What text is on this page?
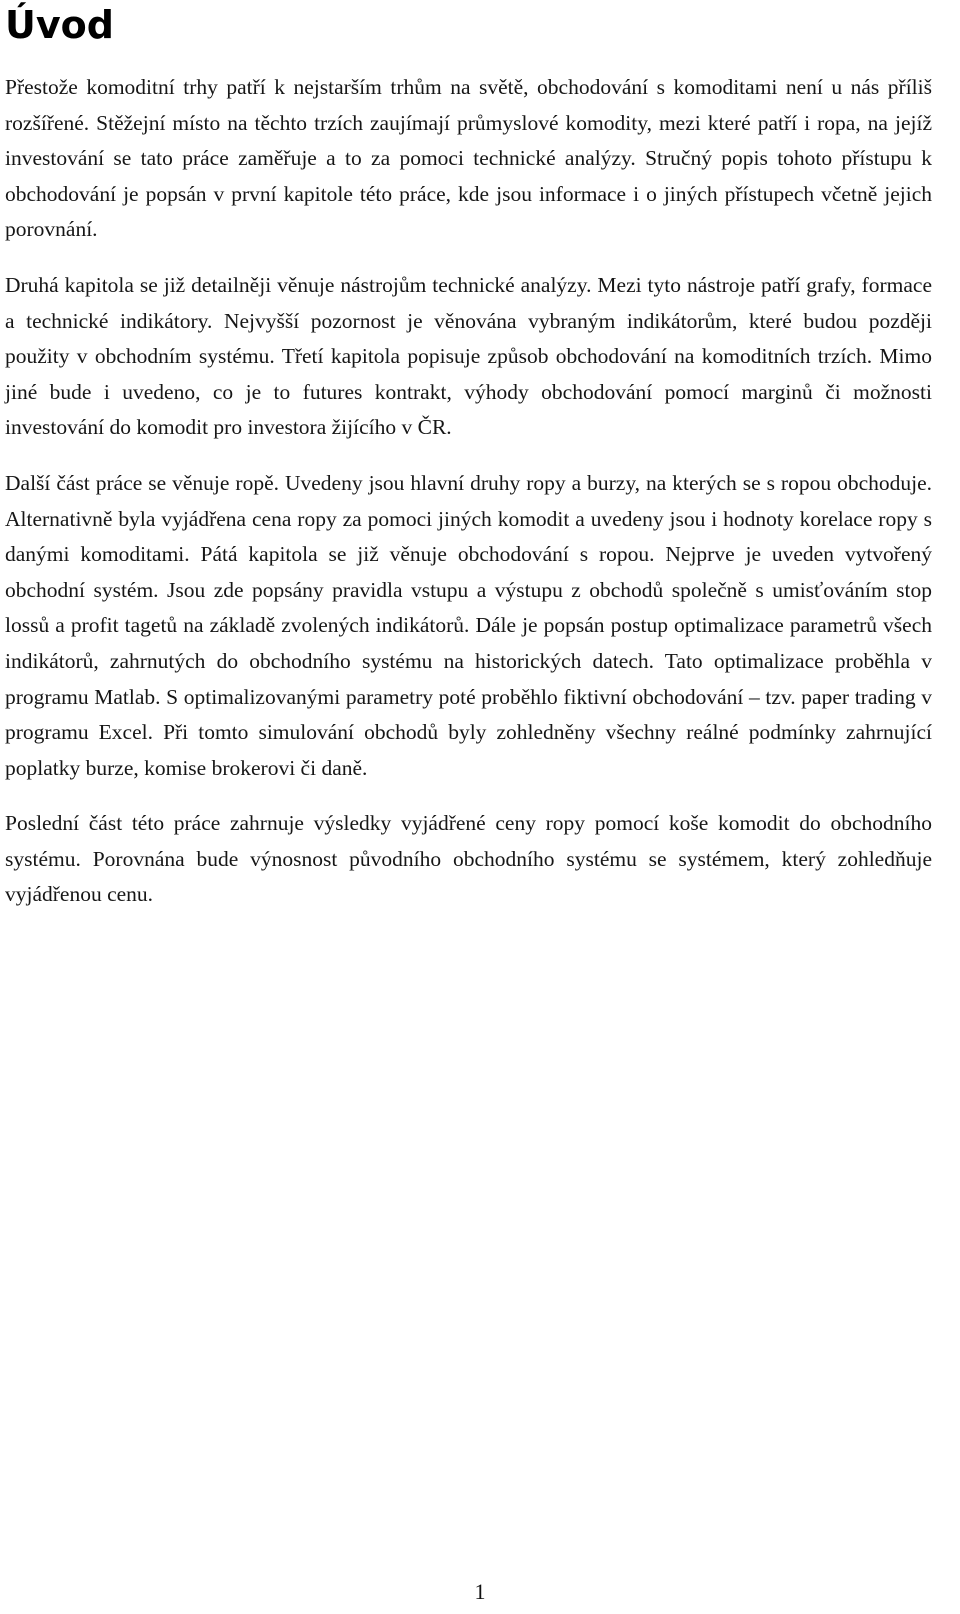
Úvod

Přestože komoditní trhy patří k nejstarším trhům na světě, obchodování s komoditami není u nás příliš rozšířené. Stěžejní místo na těchto trzích zaujímají průmyslové komodity, mezi které patří i ropa, na jejíž investování se tato práce zaměřuje a to za pomoci technické analýzy. Stručný popis tohoto přístupu k obchodování je popsán v první kapitole této práce, kde jsou informace i o jiných přístupech včetně jejich porovnání.

Druhá kapitola se již detailněji věnuje nástrojům technické analýzy. Mezi tyto nástroje patří grafy, formace a technické indikátory. Nejvyšší pozornost je věnována vybraným indikátorům, které budou později použity v obchodním systému. Třetí kapitola popisuje způsob obchodování na komoditních trzích. Mimo jiné bude i uvedeno, co je to futures kontrakt, výhody obchodování pomocí marginů či možnosti investování do komodit pro investora žijícího v ČR.

Další část práce se věnuje ropě. Uvedeny jsou hlavní druhy ropy a burzy, na kterých se s ropou obchoduje. Alternativně byla vyjádřena cena ropy za pomoci jiných komodit a uvedeny jsou i hodnoty korelace ropy s danými komoditami. Pátá kapitola se již věnuje obchodování s ropou. Nejprve je uveden vytvořený obchodní systém. Jsou zde popsány pravidla vstupu a výstupu z obchodů společně s umisťováním stop lossů a profit tagetů na základě zvolených indikátorů. Dále je popsán postup optimalizace parametrů všech indikátorů, zahrnutých do obchodního systému na historických datech. Tato optimalizace proběhla v programu Matlab. S optimalizovanými parametry poté proběhlo fiktivní obchodování – tzv. paper trading v programu Excel. Při tomto simulování obchodů byly zohledněny všechny reálné podmínky zahrnující poplatky burze, komise brokerovi či daně.

Poslední část této práce zahrnuje výsledky vyjádřené ceny ropy pomocí koše komodit do obchodního systému. Porovnána bude výnosnost původního obchodního systému se systémem, který zohledňuje vyjádřenou cenu.

1
